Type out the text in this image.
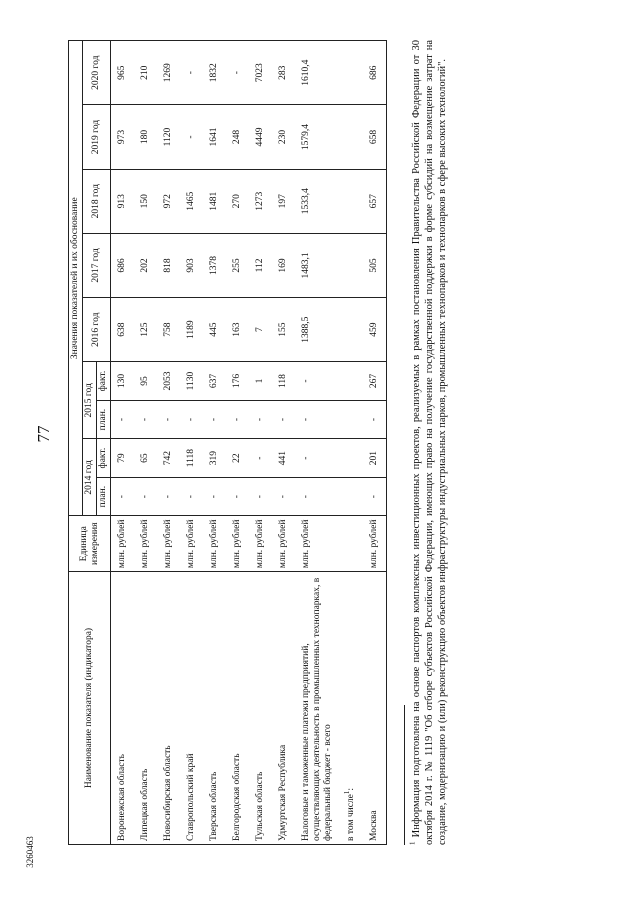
77
3260463
Наименование показателя (индикатора)	Единица измерения	Значения показателей и их обоснование								
		2014 год		2015 год		2016 год	2017 год	2018 год	2019 год	2020 год
		план.	факт.	план.	факт.					
Воронежская область	млн. рублей	-	79	-	130	638	686	913	973	965
Липецкая область	млн. рублей	-	65	-	95	125	202	150	180	210
Новосибирская область	млн. рублей	-	742	-	2053	758	818	972	1120	1269
Ставропольский край	млн. рублей	-	1118	-	1130	1189	903	1465	-	-
Тверская область	млн. рублей	-	319	-	637	445	1378	1481	1641	1832
Белгородская область	млн. рублей	-	22	-	176	163	255	270	248	-
Тульская область	млн. рублей	-	-	-	1	7	112	1273	4449	7023
Удмуртская Республика	млн. рублей	-	441	-	118	155	169	197	230	283
Налоговые и таможенные платежи предприятий, осуществляющих деятельность в промышленных технопарках, в федеральный бюджет - всего	млн. рублей	-	-	-	-	1388,5	1483,1	1533,4	1579,4	1610,4
в том числе$^1$:										
Москва	млн. рублей	-	201	-	267	459	505	657	658	686
$^1$ Информация подготовлена на основе паспортов комплексных инвестиционных проектов, реализуемых в рамках постановления Правительства Российской Федерации от 30 октября 2014 г. № 1119 "Об отборе субъектов Российской Федерации, имеющих право на получение государственной поддержки в форме субсидий на возмещение затрат на создание, модернизацию и (или) реконструкцию объектов инфраструктуры индустриальных парков, промышленных технопарков и технопарков в сфере высоких технологий".
